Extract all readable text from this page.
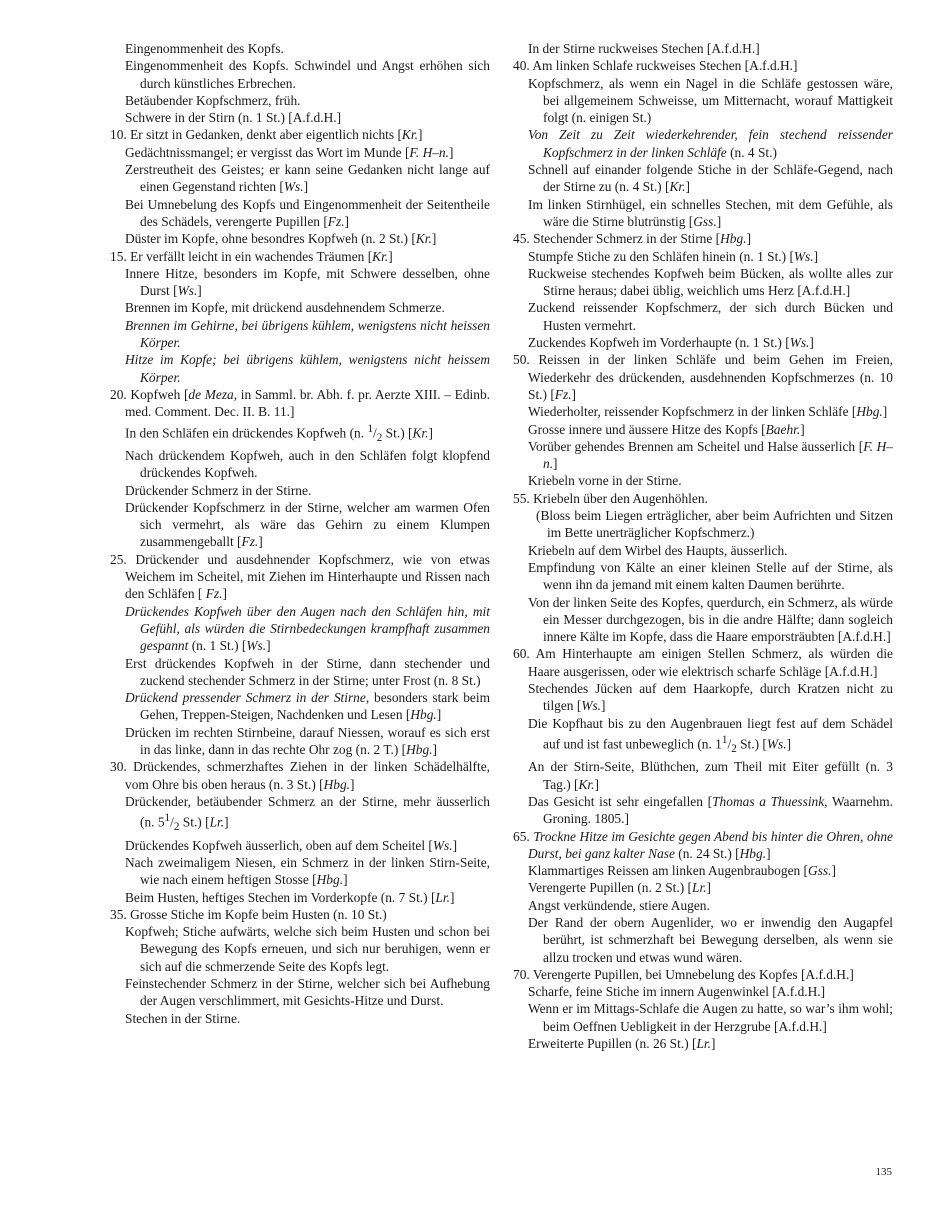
Eingenommenheit des Kopfs.

Eingenommenheit des Kopfs. Schwindel und Angst erhöhen sich durch künstliches Erbrechen.

Betäubender Kopfschmerz, früh.

Schwere in der Stirn (n. 1 St.) [A.f.d.H.]

10. Er sitzt in Gedanken, denkt aber eigentlich nichts [Kr.]

Gedächtnissmangel; er vergisst das Wort im Munde [F. H–n.]

Zerstreutheit des Geistes; er kann seine Gedanken nicht lange auf einen Gegenstand richten [Ws.]

Bei Umnebelung des Kopfs und Eingenommenheit der Seitentheile des Schädels, verengerte Pupillen [Fz.]

Düster im Kopfe, ohne besondres Kopfweh (n. 2 St.) [Kr.]

15. Er verfällt leicht in ein wachendes Träumen [Kr.]

Innere Hitze, besonders im Kopfe, mit Schwere desselben, ohne Durst [Ws.]

Brennen im Kopfe, mit drückend ausdehnendem Schmerze.

Brennen im Gehirne, bei übrigens kühlem, wenigstens nicht heissen Körper.

Hitze im Kopfe; bei übrigens kühlem, wenigstens nicht heissem Körper.

20. Kopfweh [de Meza, in Samml. br. Abh. f. pr. Aerzte XIII. – Edinb. med. Comment. Dec. II. B. 11.]

In den Schläfen ein drückendes Kopfweh (n. $^1/_2$ St.) [Kr.]

Nach drückendem Kopfweh, auch in den Schläfen folgt klopfend drückendes Kopfweh.

Drückender Schmerz in der Stirne.

Drückender Kopfschmerz in der Stirne, welcher am warmen Ofen sich vermehrt, als wäre das Gehirn zu einem Klumpen zusammengeballt [Fz.]

25. Drückender und ausdehnender Kopfschmerz, wie von etwas Weichem im Scheitel, mit Ziehen im Hinterhaupte und Rissen nach den Schläfen [ Fz.]

Drückendes Kopfweh über den Augen nach den Schläfen hin, mit Gefühl, als würden die Stirnbedeckungen krampfhaft zusammen gespannt (n. 1 St.) [Ws.]

Erst drückendes Kopfweh in der Stirne, dann stechender und zuckend stechender Schmerz in der Stirne; unter Frost (n. 8 St.)

Drückend pressender Schmerz in der Stirne, besonders stark beim Gehen, Treppen-Steigen, Nachdenken und Lesen [Hbg.]

Drücken im rechten Stirnbeine, darauf Niessen, worauf es sich erst in das linke, dann in das rechte Ohr zog (n. 2 T.) [Hbg.]

30. Drückendes, schmerzhaftes Ziehen in der linken Schädelhälfte, vom Ohre bis oben heraus (n. 3 St.) [Hbg.]

Drückender, betäubender Schmerz an der Stirne, mehr äusserlich (n. $5^1/_2$ St.) [Lr.]

Drückendes Kopfweh äusserlich, oben auf dem Scheitel [Ws.]

Nach zweimaligem Niesen, ein Schmerz in der linken Stirn-Seite, wie nach einem heftigen Stosse [Hbg.]

Beim Husten, heftiges Stechen im Vorderkopfe (n. 7 St.) [Lr.]

35. Grosse Stiche im Kopfe beim Husten (n. 10 St.)

Kopfweh; Stiche aufwärts, welche sich beim Husten und schon bei Bewegung des Kopfs erneuen, und sich nur beruhigen, wenn er sich auf die schmerzende Seite des Kopfs legt.

Feinstechender Schmerz in der Stirne, welcher sich bei Aufhebung der Augen verschlimmert, mit Gesichts-Hitze und Durst.

Stechen in der Stirne.

In der Stirne ruckweises Stechen [A.f.d.H.]

40. Am linken Schlafe ruckweises Stechen [A.f.d.H.]

Kopfschmerz, als wenn ein Nagel in die Schläfe gestossen wäre, bei allgemeinem Schweisse, um Mitternacht, worauf Mattigkeit folgt (n. einigen St.)

Von Zeit zu Zeit wiederkehrender, fein stechend reissender Kopfschmerz in der linken Schläfe (n. 4 St.)

Schnell auf einander folgende Stiche in der Schläfe-Gegend, nach der Stirne zu (n. 4 St.) [Kr.]

Im linken Stirnhügel, ein schnelles Stechen, mit dem Gefühle, als wäre die Stirne blutrünstig [Gss.]

45. Stechender Schmerz in der Stirne [Hbg.]

Stumpfe Stiche zu den Schläfen hinein (n. 1 St.) [Ws.]

Ruckweise stechendes Kopfweh beim Bücken, als wollte alles zur Stirne heraus; dabei üblig, weichlich ums Herz [A.f.d.H.]

Zuckend reissender Kopfschmerz, der sich durch Bücken und Husten vermehrt.

Zuckendes Kopfweh im Vorderhaupte (n. 1 St.) [Ws.]

50. Reissen in der linken Schläfe und beim Gehen im Freien, Wiederkehr des drückenden, ausdehnenden Kopfschmerzes (n. 10 St.) [Fz.]

Wiederholter, reissender Kopfschmerz in der linken Schläfe [Hbg.]

Grosse innere und äussere Hitze des Kopfs [Baehr.]

Vorüber gehendes Brennen am Scheitel und Halse äusserlich [F. H–n.]

Kriebeln vorne in der Stirne.

55. Kriebeln über den Augenhöhlen.

(Bloss beim Liegen erträglicher, aber beim Aufrichten und Sitzen im Bette unerträglicher Kopfschmerz.)

Kriebeln auf dem Wirbel des Haupts, äusserlich.

Empfindung von Kälte an einer kleinen Stelle auf der Stirne, als wenn ihn da jemand mit einem kalten Daumen berührte.

Von der linken Seite des Kopfes, querdurch, ein Schmerz, als würde ein Messer durchgezogen, bis in die andre Hälfte; dann sogleich innere Kälte im Kopfe, dass die Haare emporsträubten [A.f.d.H.]

60. Am Hinterhaupte am einigen Stellen Schmerz, als würden die Haare ausgerissen, oder wie elektrisch scharfe Schläge [A.f.d.H.]

Stechendes Jücken auf dem Haarkopfe, durch Kratzen nicht zu tilgen [Ws.]

Die Kopfhaut bis zu den Augenbrauen liegt fest auf dem Schädel auf und ist fast unbeweglich (n. $1^1/_2$ St.) [Ws.]

An der Stirn-Seite, Blüthchen, zum Theil mit Eiter gefüllt (n. 3 Tag.) [Kr.]

Das Gesicht ist sehr eingefallen [Thomas a Thuessink, Waarnehm. Groning. 1805.]

65. Trockne Hitze im Gesichte gegen Abend bis hinter die Ohren, ohne Durst, bei ganz kalter Nase (n. 24 St.) [Hbg.]

Klammartiges Reissen am linken Augenbraubogen [Gss.]

Verengerte Pupillen (n. 2 St.) [Lr.]

Angst verkündende, stiere Augen.

Der Rand der obern Augenlider, wo er inwendig den Augapfel berührt, ist schmerzhaft bei Bewegung derselben, als wenn sie allzu trocken und etwas wund wären.

70. Verengerte Pupillen, bei Umnebelung des Kopfes [A.f.d.H.]

Scharfe, feine Stiche im innern Augenwinkel [A.f.d.H.]

Wenn er im Mittags-Schlafe die Augen zu hatte, so war’s ihm wohl; beim Oeffnen Uebligkeit in der Herzgrube [A.f.d.H.]

Erweiterte Pupillen (n. 26 St.) [Lr.]

135
